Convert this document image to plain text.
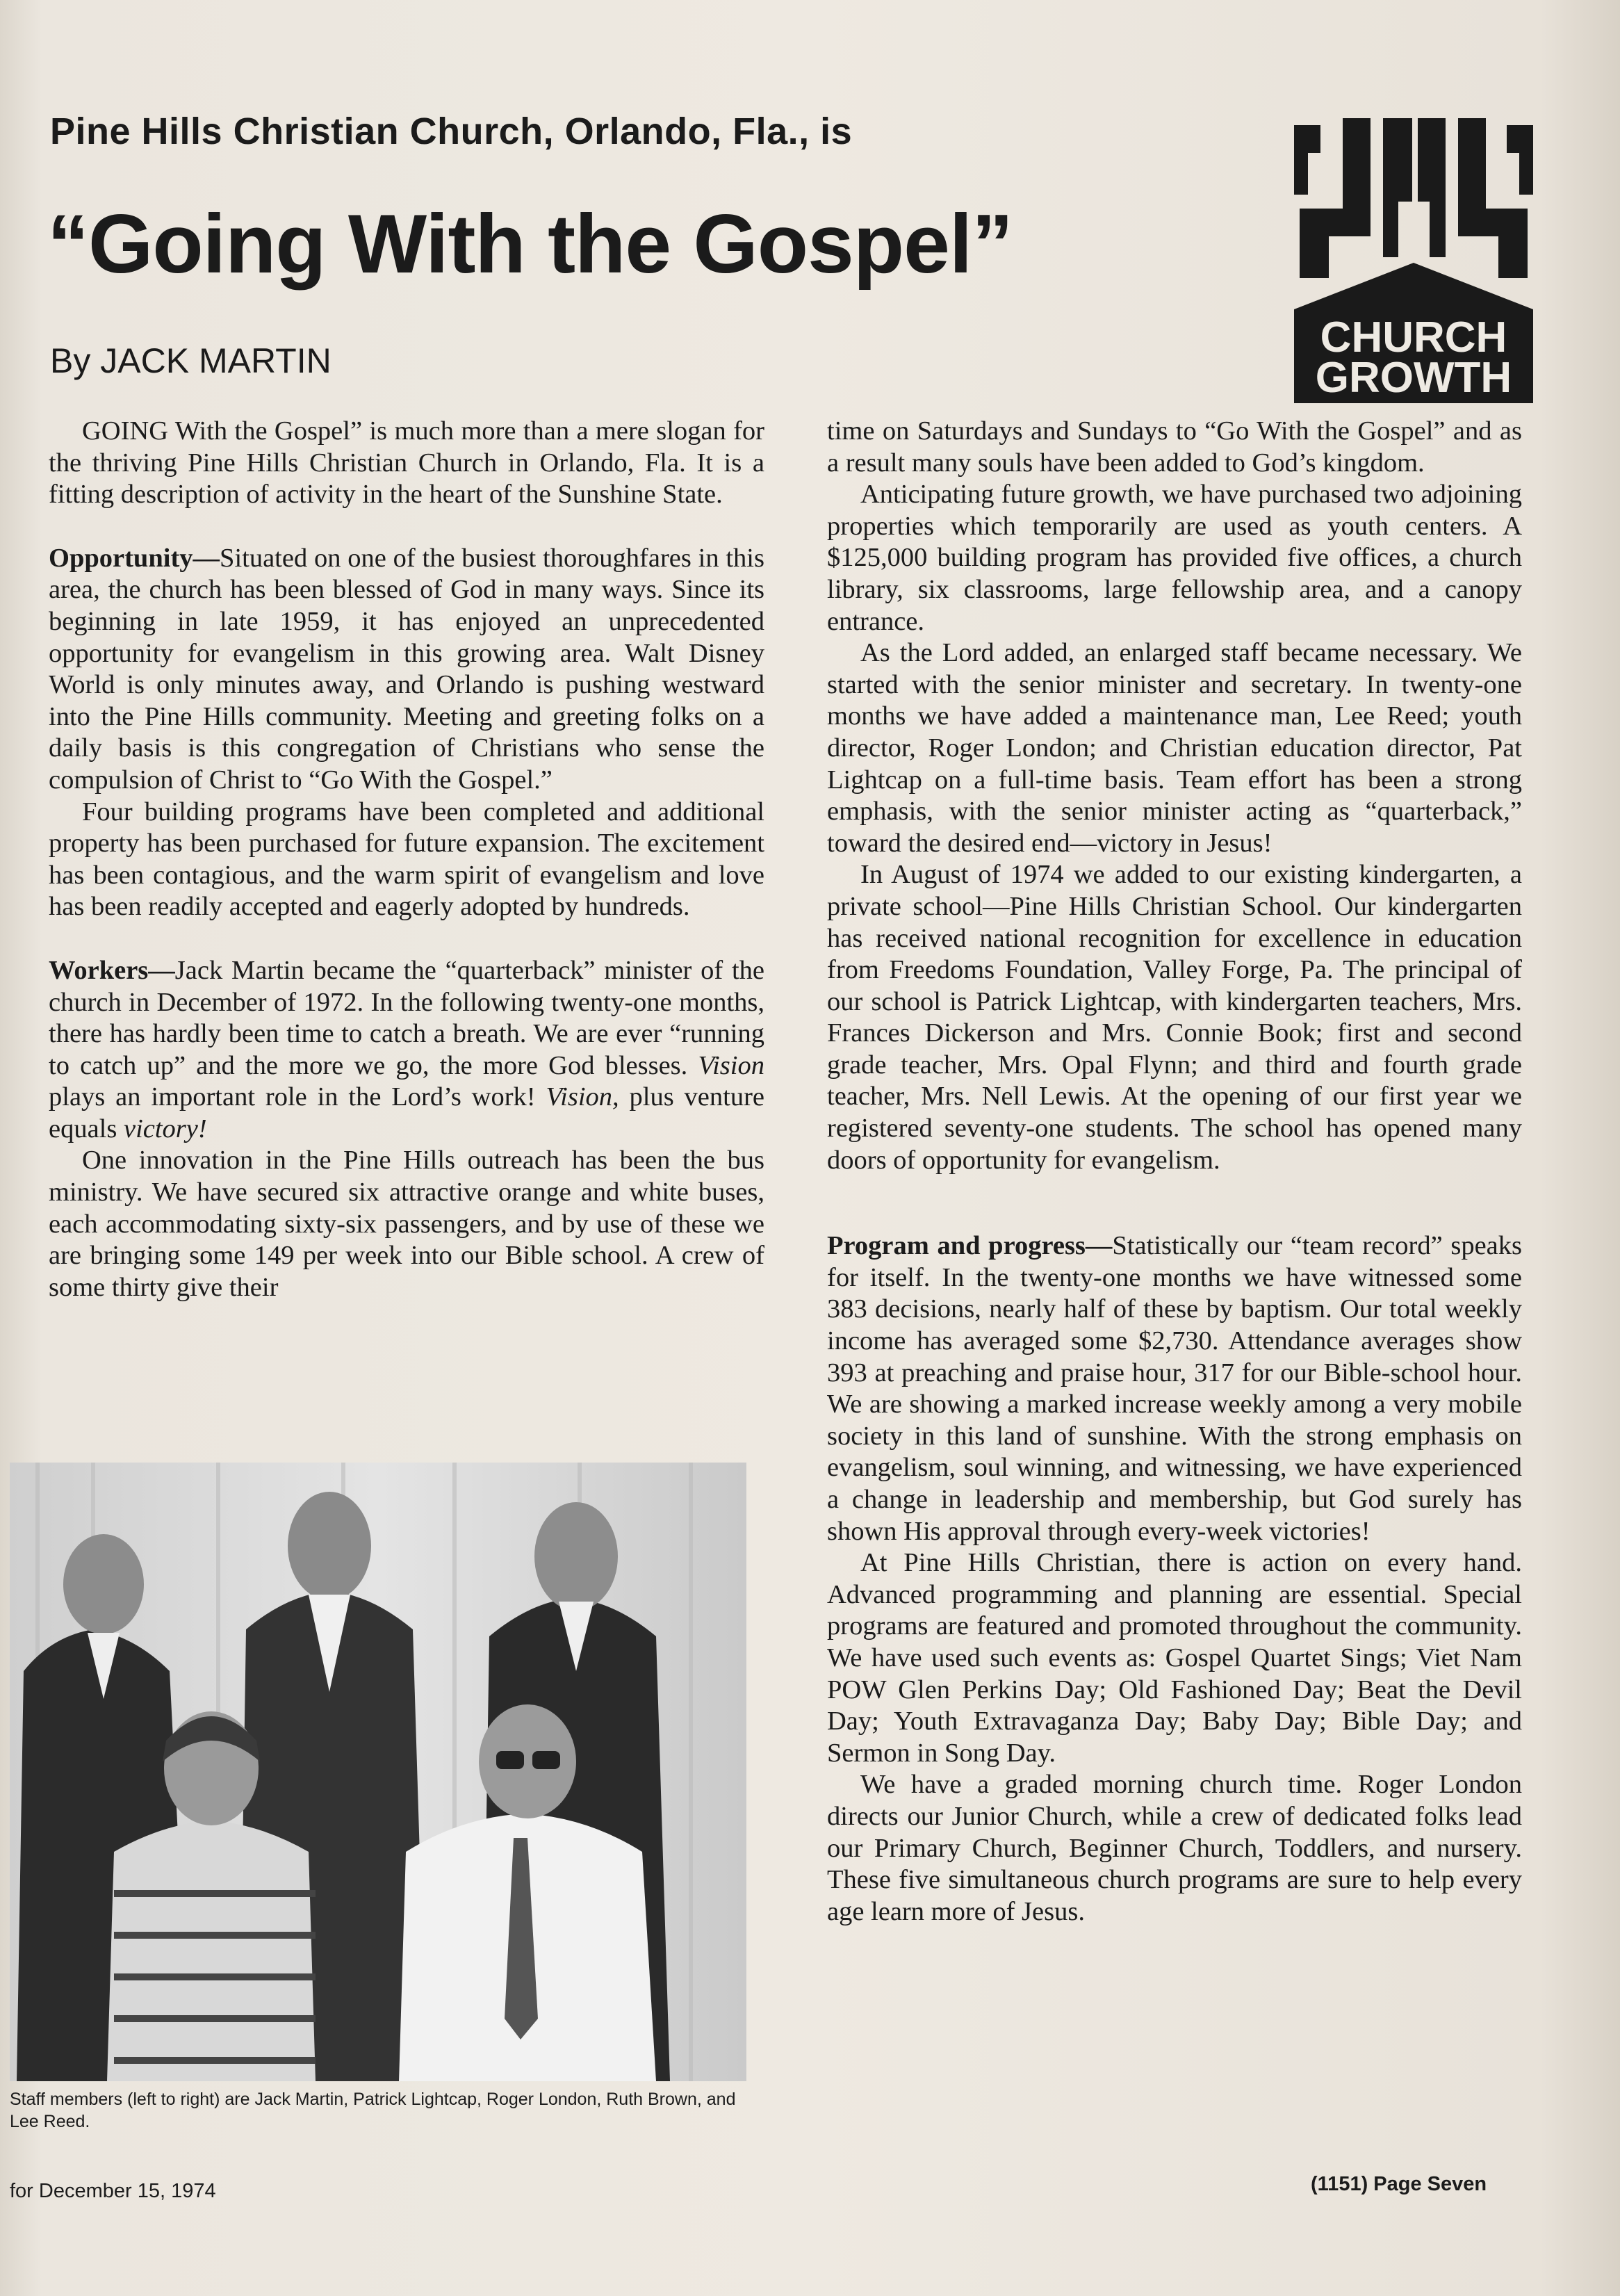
Pine Hills Christian Church, Orlando, Fla., is
“Going With the Gospel”
By JACK MARTIN	CHURCH
GROWTH

GOING With the Gospel” is much more than a mere slogan for the thriving Pine Hills Christian Church in Orlando, Fla. It is a fitting description of activity in the heart of the Sunshine State.

Opportunity—Situated on one of the busiest thoroughfares in this area, the church has been blessed of God in many ways. Since its beginning in late 1959, it has enjoyed an unprecedented opportunity for evangelism in this growing area. Walt Disney World is only minutes away, and Orlando is pushing westward into the Pine Hills community. Meeting and greeting folks on a daily basis is this congregation of Christians who sense the compulsion of Christ to “Go With the Gospel.”

Four building programs have been completed and additional property has been purchased for future expansion. The excitement has been contagious, and the warm spirit of evangelism and love has been readily accepted and eagerly adopted by hundreds.

Workers—Jack Martin became the “quarterback” minister of the church in December of 1972. In the following twenty-one months, there has hardly been time to catch a breath. We are ever “running to catch up” and the more we go, the more God blesses. Vision plays an important role in the Lord’s work! Vision, plus venture equals victory!

One innovation in the Pine Hills outreach has been the bus ministry. We have secured six attractive orange and white buses, each accommodating sixty-six passengers, and by use of these we are bringing some 149 per week into our Bible school. A crew of some thirty give their

Staff members (left to right) are Jack Martin, Patrick Lightcap, Roger London, Ruth Brown, and Lee Reed.

time on Saturdays and Sundays to “Go With the Gospel” and as a result many souls have been added to God’s kingdom.

Anticipating future growth, we have purchased two adjoining properties which temporarily are used as youth centers. A $125,000 building program has provided five offices, a church library, six classrooms, large fellowship area, and a canopy entrance.

As the Lord added, an enlarged staff became necessary. We started with the senior minister and secretary. In twenty-one months we have added a maintenance man, Lee Reed; youth director, Roger London; and Christian education director, Pat Lightcap on a full-time basis. Team effort has been a strong emphasis, with the senior minister acting as “quarterback,” toward the desired end—victory in Jesus!

In August of 1974 we added to our existing kindergarten, a private school—Pine Hills Christian School. Our kindergarten has received national recognition for excellence in education from Freedoms Foundation, Valley Forge, Pa. The principal of our school is Patrick Lightcap, with kindergarten teachers, Mrs. Frances Dickerson and Mrs. Connie Book; first and second grade teacher, Mrs. Opal Flynn; and third and fourth grade teacher, Mrs. Nell Lewis. At the opening of our first year we registered seventy-one students. The school has opened many doors of opportunity for evangelism.

Program and progress—Statistically our “team record” speaks for itself. In the twenty-one months we have witnessed some 383 decisions, nearly half of these by baptism. Our total weekly income has averaged some $2,730. Attendance averages show 393 at preaching and praise hour, 317 for our Bible-school hour. We are showing a marked increase weekly among a very mobile society in this land of sunshine. With the strong emphasis on evangelism, soul winning, and witnessing, we have experienced a change in leadership and membership, but God surely has shown His approval through every-week victories!

At Pine Hills Christian, there is action on every hand. Advanced programming and planning are essential. Special programs are featured and promoted throughout the community. We have used such events as: Gospel Quartet Sings; Viet Nam POW Glen Perkins Day; Old Fashioned Day; Beat the Devil Day; Youth Extravaganza Day; Baby Day; Bible Day; and Sermon in Song Day.

We have a graded morning church time. Roger London directs our Junior Church, while a crew of dedicated folks lead our Primary Church, Beginner Church, Toddlers, and nursery. These five simultaneous church programs are sure to help every age learn more of Jesus.

for December 15, 1974	(1151) Page Seven
